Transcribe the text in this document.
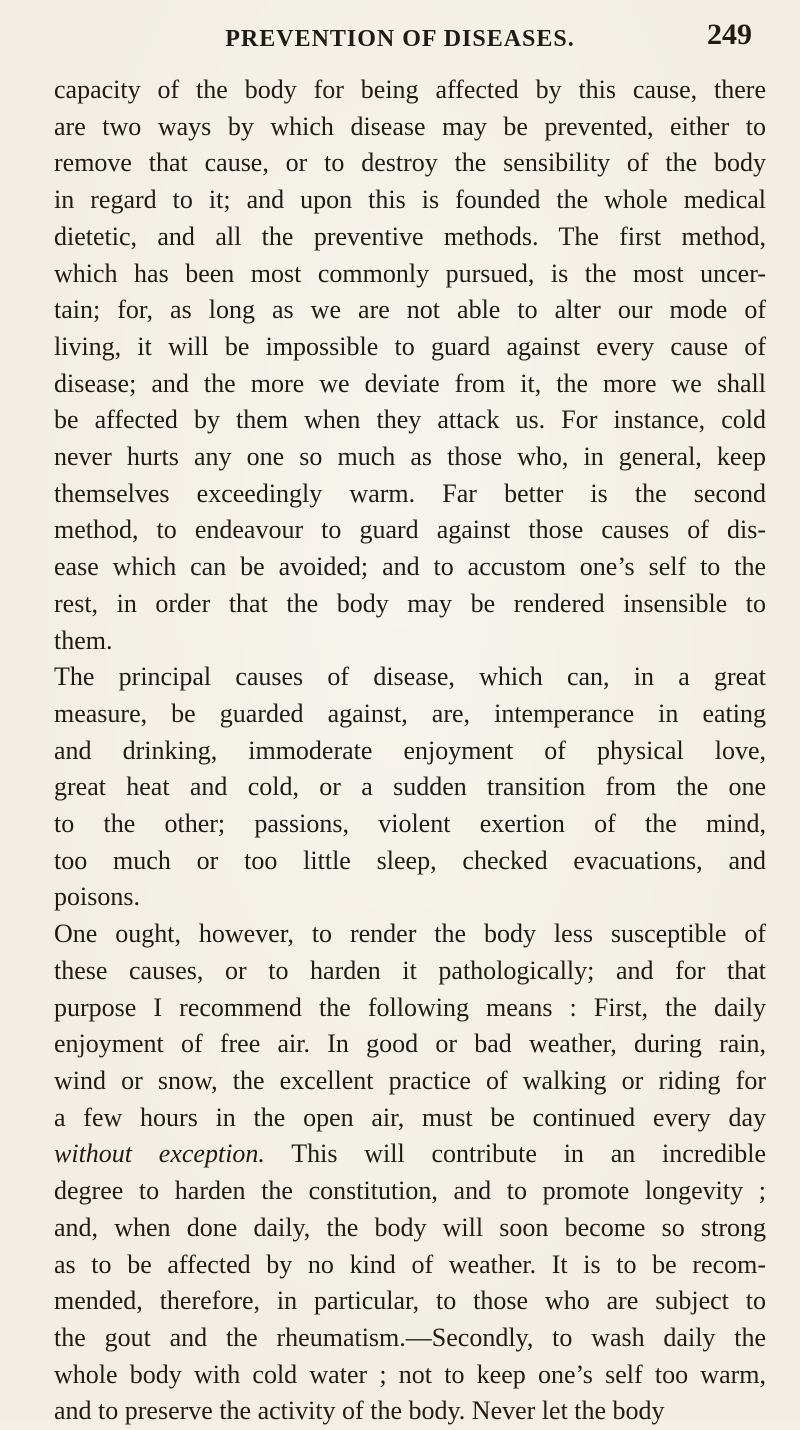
PREVENTION OF DISEASES.	249
capacity of the body for being affected by this cause, there
are two ways by which disease may be prevented, either to
remove that cause, or to destroy the sensibility of the body
in regard to it; and upon this is founded the whole medical
dietetic, and all the preventive methods. The first method,
which has been most commonly pursued, is the most uncer-
tain; for, as long as we are not able to alter our mode of
living, it will be impossible to guard against every cause of
disease; and the more we deviate from it, the more we shall
be affected by them when they attack us. For instance, cold
never hurts any one so much as those who, in general, keep
themselves exceedingly warm. Far better is the second
method, to endeavour to guard against those causes of dis-
ease which can be avoided; and to accustom one’s self to the
rest, in order that the body may be rendered insensible to
them.
The principal causes of disease, which can, in a great
measure, be guarded against, are, intemperance in eating
and drinking, immoderate enjoyment of physical love,
great heat and cold, or a sudden transition from the one
to the other; passions, violent exertion of the mind,
too much or too little sleep, checked evacuations, and
poisons.
One ought, however, to render the body less susceptible of
these causes, or to harden it pathologically; and for that
purpose I recommend the following means : First, the daily
enjoyment of free air. In good or bad weather, during rain,
wind or snow, the excellent practice of walking or riding for
a few hours in the open air, must be continued every day
without exception. This will contribute in an incredible
degree to harden the constitution, and to promote longevity ;
and, when done daily, the body will soon become so strong
as to be affected by no kind of weather. It is to be recom-
mended, therefore, in particular, to those who are subject to
the gout and the rheumatism.—Secondly, to wash daily the
whole body with cold water ; not to keep one’s self too warm,
and to preserve the activity of the body. Never let the body
